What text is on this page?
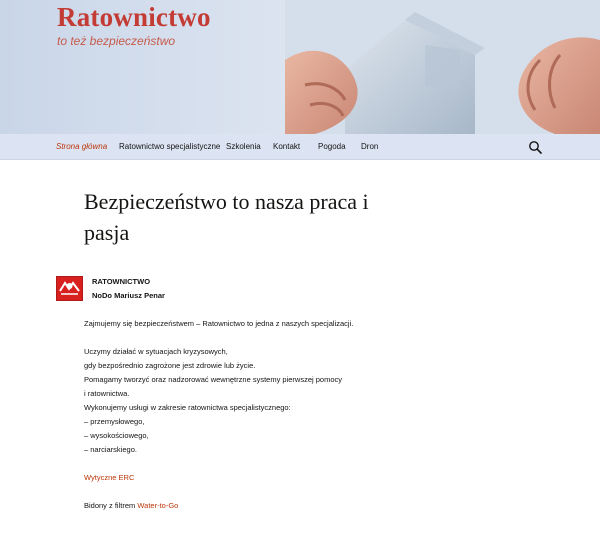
Ratownictwo
to też bezpieczeństwo
Strona główna Ratownictwo specjalistyczne Szkolenia Kontakt Pogoda Dron
Bezpieczeństwo to nasza praca i pasja
RATOWNICTWO
NoDo Mariusz Penar
Zajmujemy się bezpieczeństwem – Ratownictwo to jedna z naszych specjalizacji.
Uczymy działać w sytuacjach kryzysowych,
gdy bezpośrednio zagrożone jest zdrowie lub życie.
Pomagamy tworzyć oraz nadzorować wewnętrzne systemy pierwszej pomocy
i ratownictwa.
Wykonujemy usługi w zakresie ratownictwa specjalistycznego:
– przemysłowego,
– wysokościowego,
– narciarskiego.
Wytyczne ERC
Bidony z filtrem Water-to-Go
